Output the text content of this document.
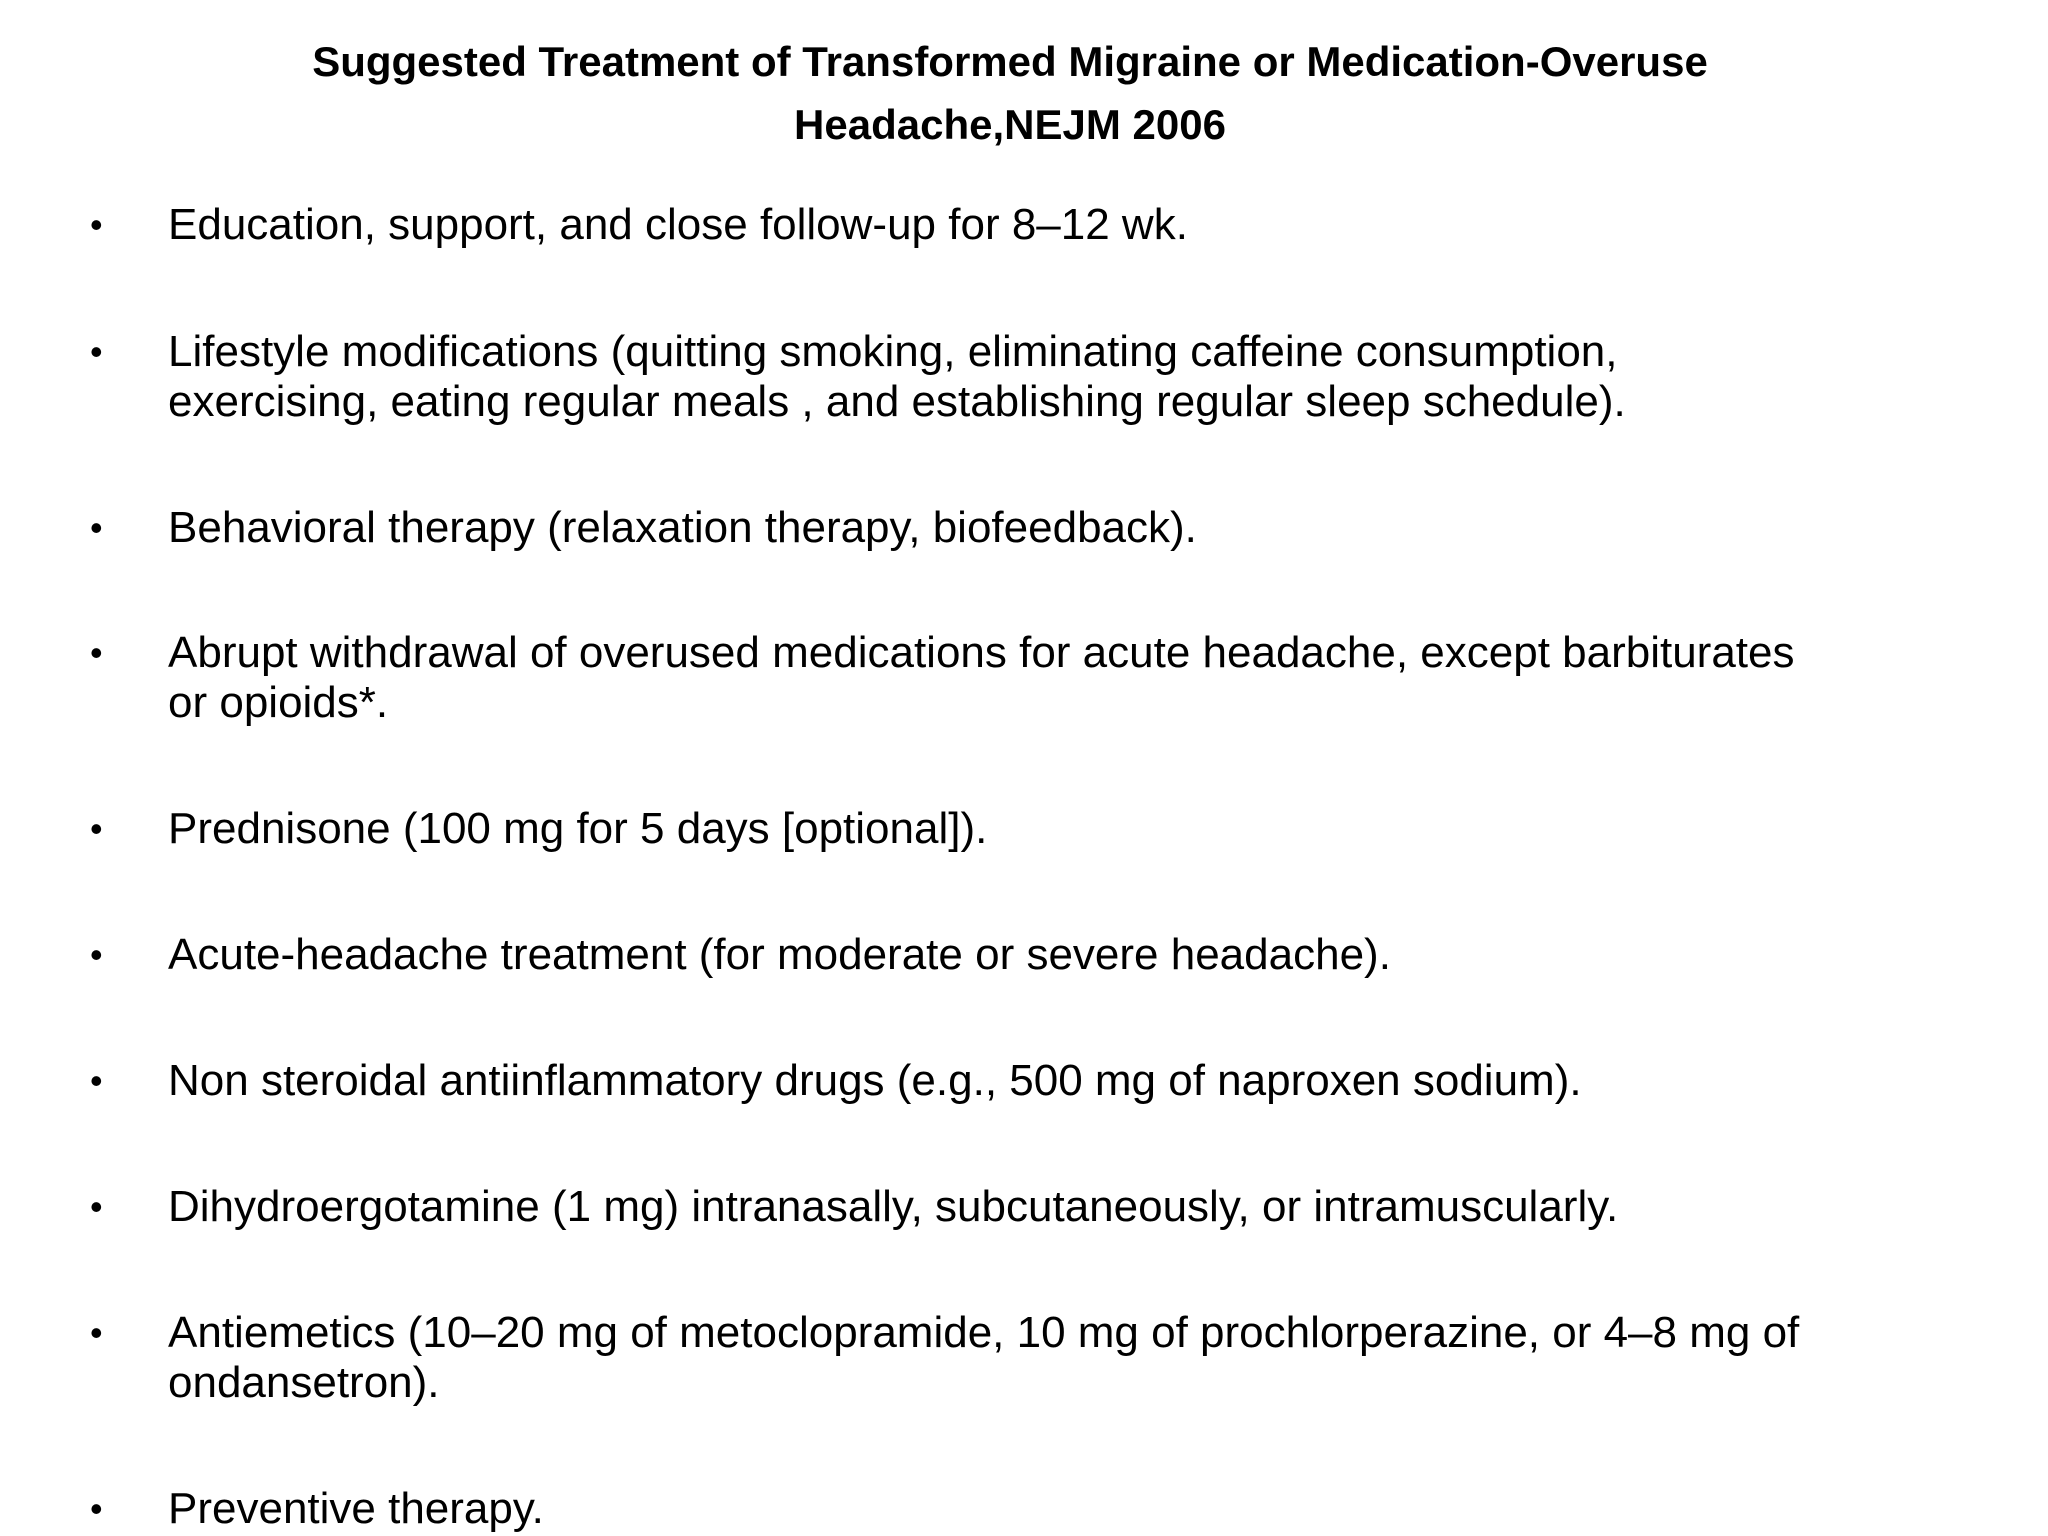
Suggested Treatment of Transformed Migraine or Medication-Overuse
Headache,NEJM 2006
• Education, support, and close follow-up for 8–12 wk.
• Lifestyle modifications (quitting smoking, eliminating caffeine consumption,
exercising, eating regular meals , and establishing regular sleep schedule).
• Behavioral therapy (relaxation therapy, biofeedback).
• Abrupt withdrawal of overused medications for acute headache, except barbiturates
or opioids*.
• Prednisone (100 mg for 5 days [optional]).
• Acute-headache treatment (for moderate or severe headache).
• Non steroidal antiinflammatory drugs (e.g., 500 mg of naproxen sodium).
• Dihydroergotamine (1 mg) intranasally, subcutaneously, or intramuscularly.
• Antiemetics (10–20 mg of metoclopramide, 10 mg of prochlorperazine, or 4–8 mg of
ondansetron).
• Preventive therapy.
